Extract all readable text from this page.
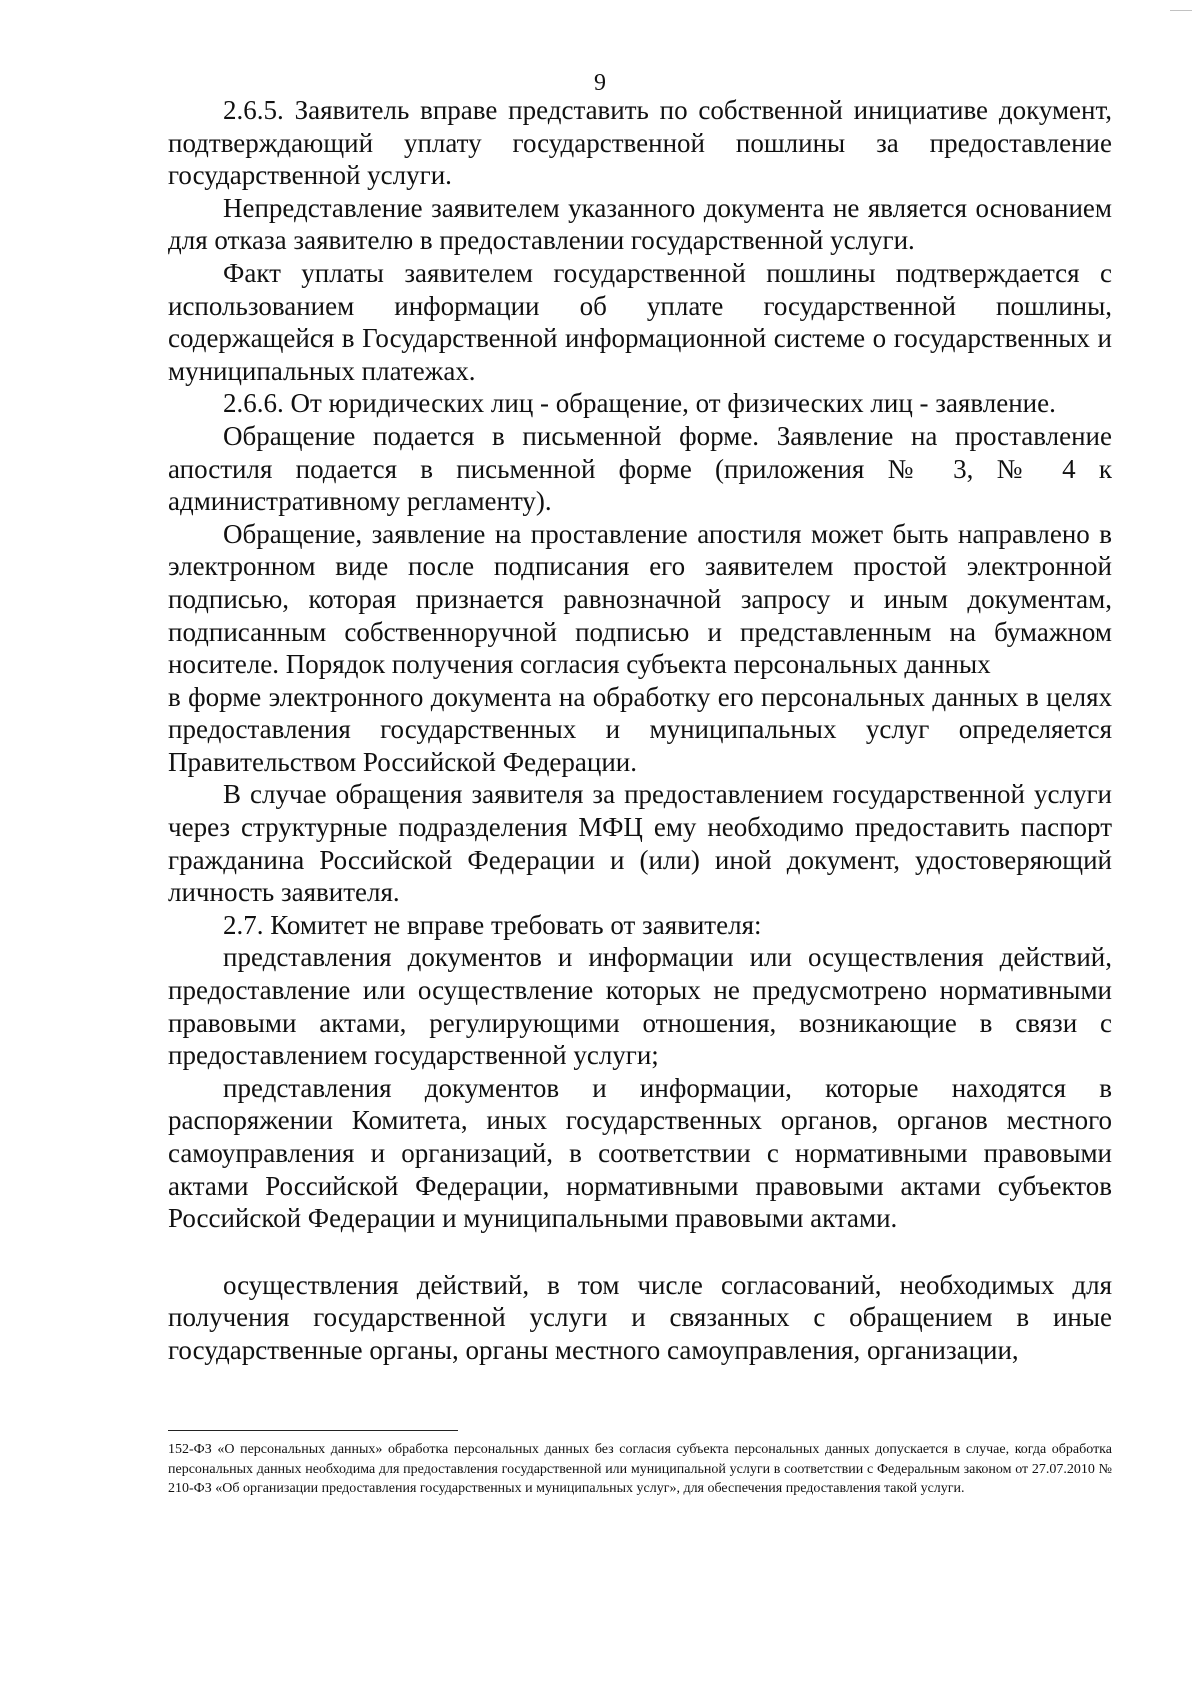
9

2.6.5. Заявитель вправе представить по собственной инициативе документ, подтверждающий уплату государственной пошлины за предоставление государственной услуги.

Непредставление заявителем указанного документа не является основанием для отказа заявителю в предоставлении государственной услуги.

Факт уплаты заявителем государственной пошлины подтверждается с использованием информации об уплате государственной пошлины, содержащейся в Государственной информационной системе о государственных и муниципальных платежах.

2.6.6. От юридических лиц - обращение, от физических лиц - заявление.

Обращение подается в письменной форме. Заявление на проставление апостиля подается в письменной форме (приложения № 3, № 4 к административному регламенту).

Обращение, заявление на проставление апостиля может быть направлено в электронном виде после подписания его заявителем простой электронной подписью, которая признается равнозначной запросу и иным документам, подписанным собственноручной подписью и представленным на бумажном носителе. Порядок получения согласия субъекта персональных данных

в форме электронного документа на обработку его персональных данных в целях предоставления государственных и муниципальных услуг определяется Правительством Российской Федерации.

В случае обращения заявителя за предоставлением государственной услуги через структурные подразделения МФЦ ему необходимо предоставить паспорт гражданина Российской Федерации и (или) иной документ, удостоверяющий личность заявителя.

2.7. Комитет не вправе требовать от заявителя:

представления документов и информации или осуществления действий, предоставление или осуществление которых не предусмотрено нормативными правовыми актами, регулирующими отношения, возникающие в связи с предоставлением государственной услуги;

представления документов и информации, которые находятся в распоряжении Комитета, иных государственных органов, органов местного самоуправления и организаций, в соответствии с нормативными правовыми актами Российской Федерации, нормативными правовыми актами субъектов Российской Федерации и муниципальными правовыми актами.

осуществления действий, в том числе согласований, необходимых для получения государственной услуги и связанных с обращением в иные государственные органы, органы местного самоуправления, организации,

152-ФЗ «О персональных данных» обработка персональных данных без согласия субъекта персональных данных допускается в случае, когда обработка персональных данных необходима для предоставления государственной или муниципальной услуги в соответствии с Федеральным законом от 27.07.2010 № 210-ФЗ «Об организации предоставления государственных и муниципальных услуг», для обеспечения предоставления такой услуги.
